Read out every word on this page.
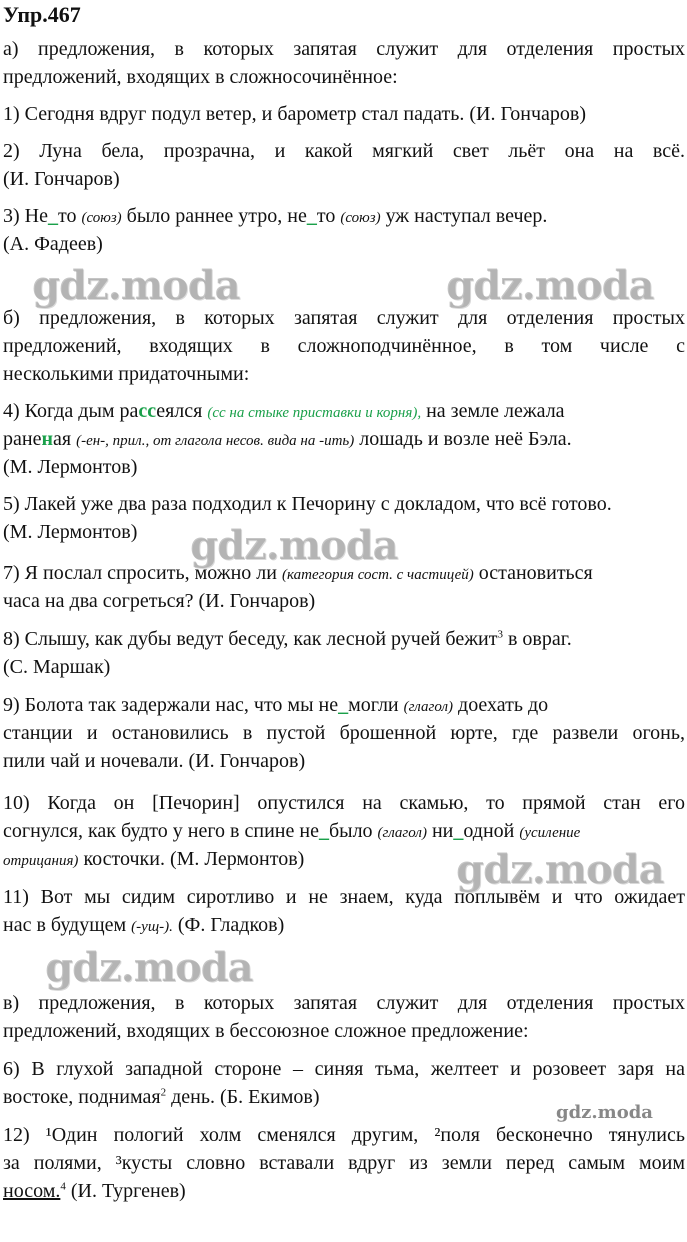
Упр.467
а) предложения, в которых запятая служит для отделения простых
предложений, входящих в сложносочинённое:
1) Сегодня вдруг подул ветер, и барометр стал падать. (И. Гончаров)
2) Луна бела, прозрачна, и какой мягкий свет льёт она на всё.
(И. Гончаров)
3) Не_то (союз) было раннее утро, не_то (союз) уж наступал вечер.
(А. Фадеев)
б) предложения, в которых запятая служит для отделения простых
предложений, входящих в сложноподчинённое, в том числе с
несколькими придаточными:
4) Когда дым рассеялся (сс на стыке приставки и корня), на земле лежала
раненая (-ен-, прил., от глагола несов. вида на -ить) лошадь и возле неё Бэла.
(М. Лермонтов)
5) Лакей уже два раза подходил к Печорину с докладом, что всё готово.
(М. Лермонтов)
7) Я послал спросить, можно ли (категория сост. с частицей) остановиться
часа на два согреться? (И. Гончаров)
8) Слышу, как дубы ведут беседу, как лесной ручей бежит$^3$ в овраг.
(С. Маршак)
9) Болота так задержали нас, что мы не_могли (глагол) доехать до
станции и остановились в пустой брошенной юрте, где развели огонь,
пили чай и ночевали. (И. Гончаров)
10) Когда он [Печорин] опустился на скамью, то прямой стан его
согнулся, как будто у него в спине не_было (глагол) ни_одной (усиление
отрицания) косточки. (М. Лермонтов)
11) Вот мы сидим сиротливо и не знаем, куда поплывём и что ожидает
нас в будущем (-ущ-). (Ф. Гладков)
в) предложения, в которых запятая служит для отделения простых
предложений, входящих в бессоюзное сложное предложение:
6) В глухой западной стороне – синяя тьма, желтеет и розовеет заря на
востоке, поднимая$^2$ день. (Б. Екимов)
12) ¹Один пологий холм сменялся другим, ²поля бесконечно тянулись
за полями, ³кусты словно вставали вдруг из земли перед самым моим
носом.$^4$ (И. Тургенев)
gdz.moda	gdz.moda
gdz.moda
gdz.moda
gdz.moda
gdz.moda
